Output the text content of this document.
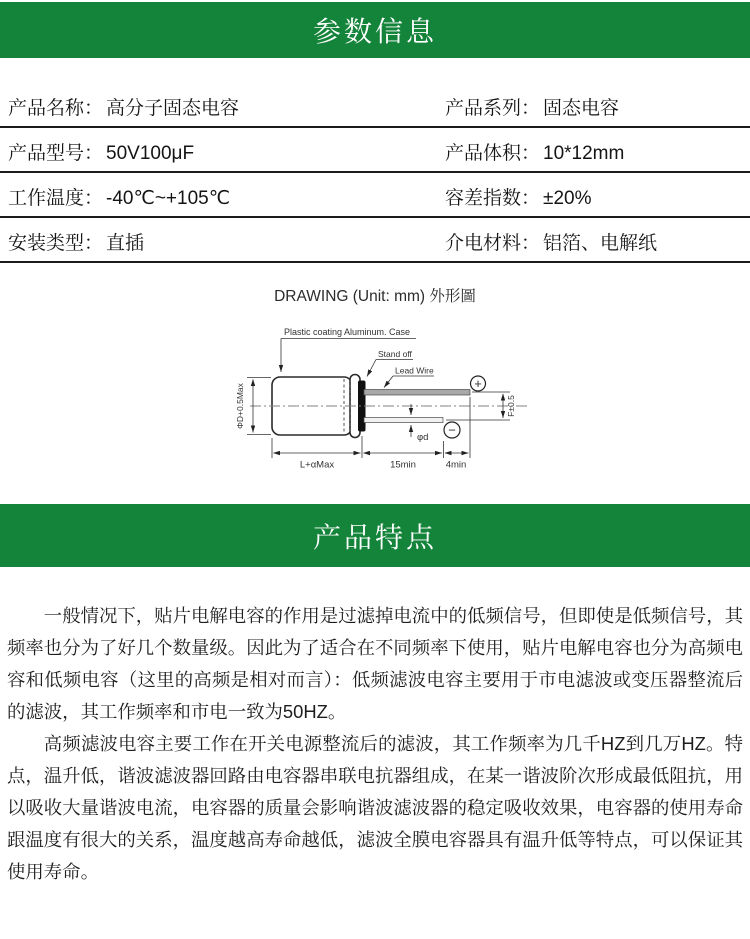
参数信息
产品名称： 高分子固态电容	产品系列： 固态电容
产品型号： 50V100μF	产品体积： 10*12mm
工作温度： -40℃~+105℃	容差指数： ±20%
安装类型： 直插	介电材料： 铝箔、电解纸
DRAWING (Unit: mm) 外形圖
ΦD+0.5Max
Plastic coating Aluminum. Case
Stand off
Lead Wire
+
−
F±0.5
φd
L+αMax	15min	4min
产品特点

一般情况下，贴片电解电容的作用是过滤掉电流中的低频信号，但即使是低频信号，其频率也分为了好几个数量级。因此为了适合在不同频率下使用，贴片电解电容也分为高频电容和低频电容（这里的高频是相对而言）：低频滤波电容主要用于市电滤波或变压器整流后的滤波，其工作频率和市电一致为50HZ。

高频滤波电容主要工作在开关电源整流后的滤波，其工作频率为几千HZ到几万HZ。特点，温升低，谐波滤波器回路由电容器串联电抗器组成，在某一谐波阶次形成最低阻抗，用以吸收大量谐波电流，电容器的质量会影响谐波滤波器的稳定吸收效果，电容器的使用寿命跟温度有很大的关系，温度越高寿命越低，滤波全膜电容器具有温升低等特点，可以保证其使用寿命。
